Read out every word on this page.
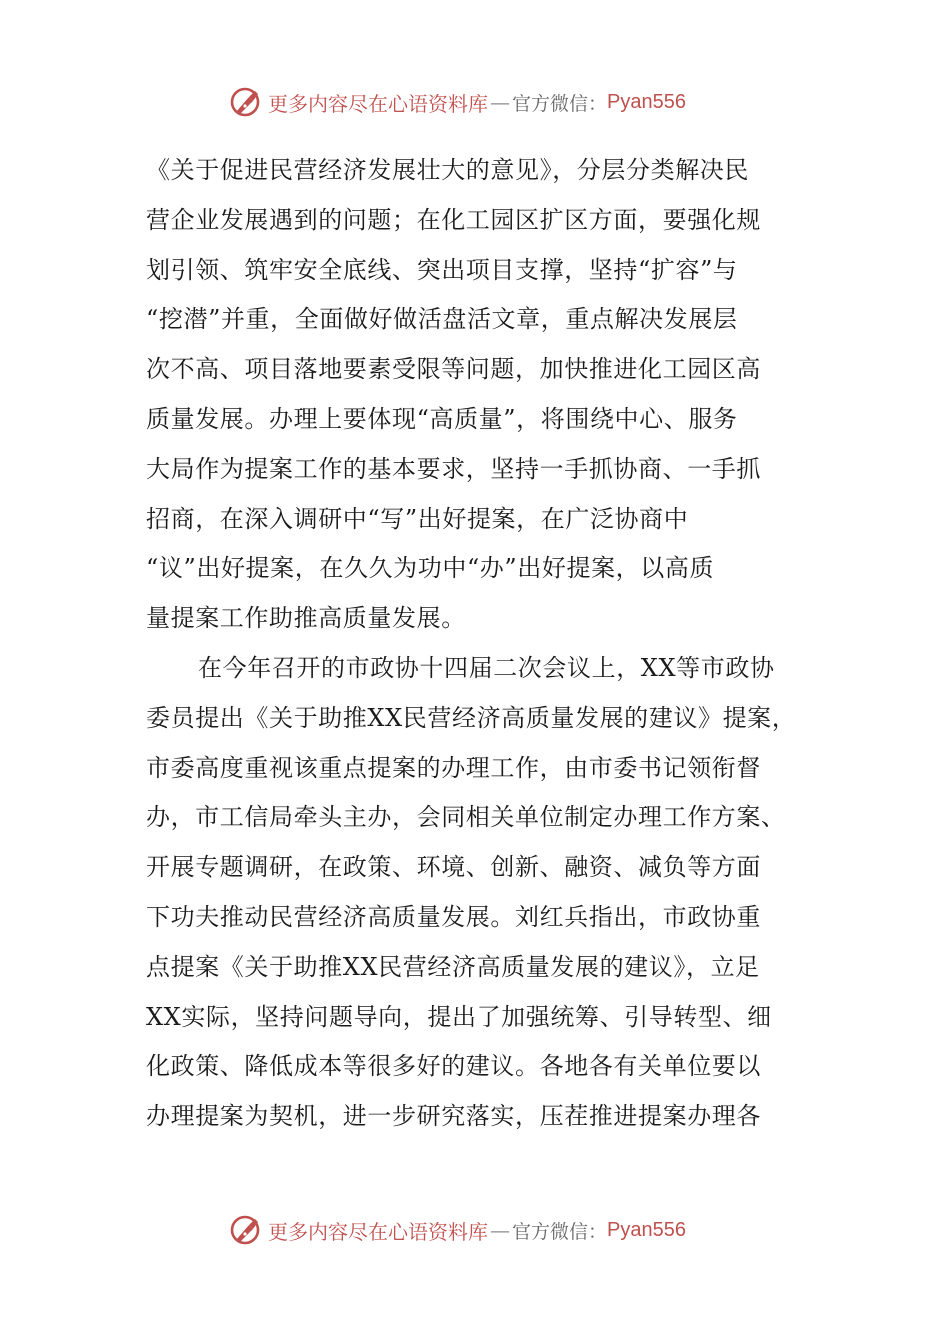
更多内容尽在心语资料库 — 官方微信： Pyan556
《关于促进民营经济发展壮大的意见》，分层分类解决民
营企业发展遇到的问题；在化工园区扩区方面，要强化规
划引领、筑牢安全底线、突出项目支撑，坚持“扩容”与
“挖潜”并重，全面做好做活盘活文章，重点解决发展层
次不高、项目落地要素受限等问题，加快推进化工园区高
质量发展。办理上要体现“高质量”，将围绕中心、服务
大局作为提案工作的基本要求，坚持一手抓协商、一手抓
招商，在深入调研中“写”出好提案，在广泛协商中
“议”出好提案，在久久为功中“办”出好提案，以高质
量提案工作助推高质量发展。
在今年召开的市政协十四届二次会议上，XX等市政协
委员提出《关于助推XX民营经济高质量发展的建议》提案，
市委高度重视该重点提案的办理工作，由市委书记领衔督
办，市工信局牵头主办，会同相关单位制定办理工作方案、
开展专题调研，在政策、环境、创新、融资、减负等方面
下功夫推动民营经济高质量发展。刘红兵指出，市政协重
点提案《关于助推XX民营经济高质量发展的建议》，立足
XX实际，坚持问题导向，提出了加强统筹、引导转型、细
化政策、降低成本等很多好的建议。各地各有关单位要以
办理提案为契机，进一步研究落实，压茬推进提案办理各
更多内容尽在心语资料库 — 官方微信： Pyan556
